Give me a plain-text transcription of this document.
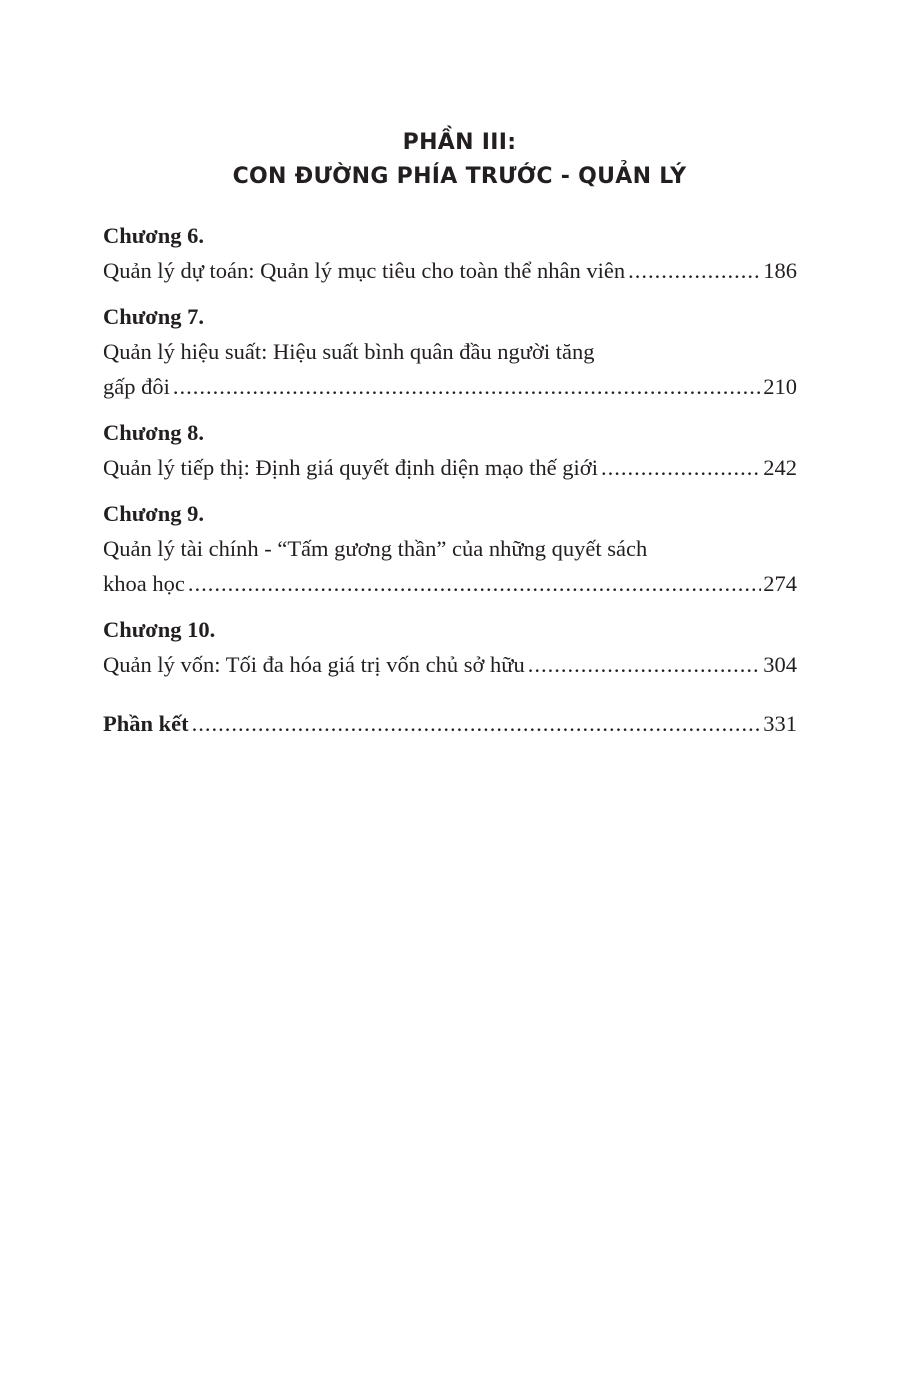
PHẦN III:
CON ĐƯỜNG PHÍA TRƯỚC - QUẢN LÝ
Chương 6.
Quản lý dự toán: Quản lý mục tiêu cho toàn thể nhân viên .....	186
Chương 7.
Quản lý hiệu suất: Hiệu suất bình quân đầu người tăng
gấp đôi .....	210
Chương 8.
Quản lý tiếp thị: Định giá quyết định diện mạo thế giới .....	242
Chương 9.
Quản lý tài chính - “Tấm gương thần” của những quyết sách
khoa học .....	274
Chương 10.
Quản lý vốn: Tối đa hóa giá trị vốn chủ sở hữu .....	304
Phần kết .....	331
